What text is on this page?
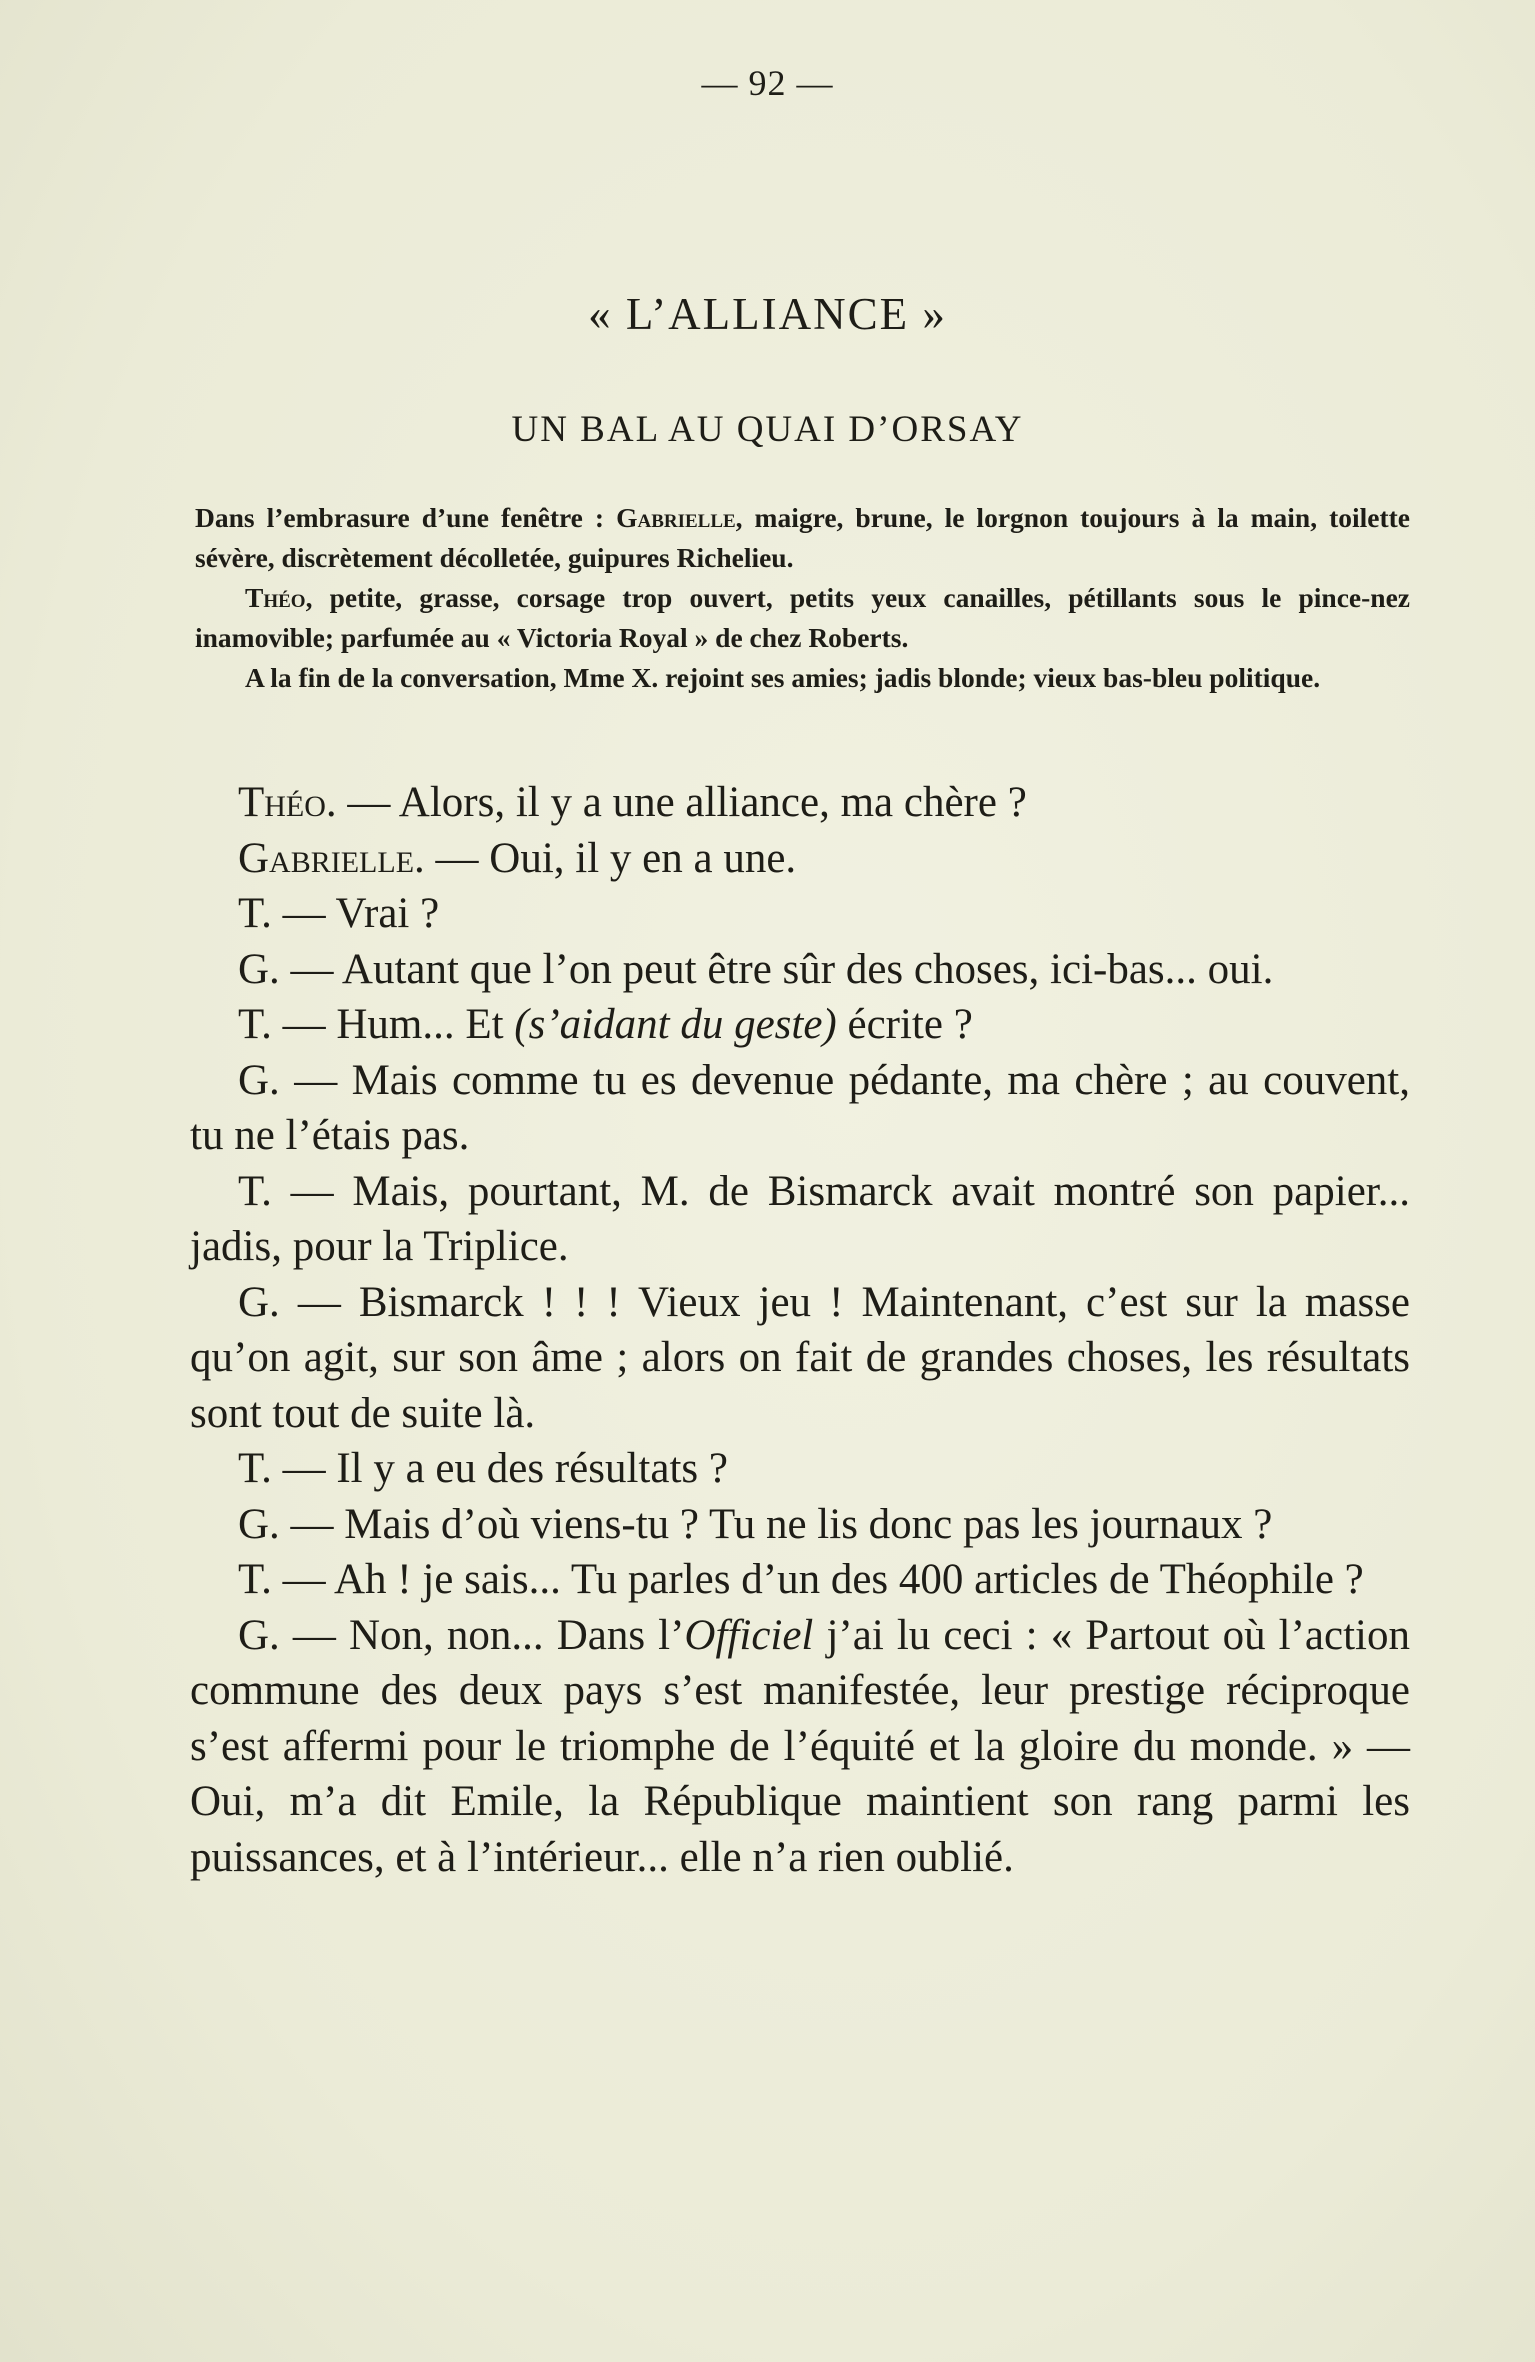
— 92 —
« L’ALLIANCE »
UN BAL AU QUAI D’ORSAY

Dans l’embrasure d’une fenêtre : Gabrielle, maigre, brune, le lorgnon toujours à la main, toilette sévère, discrètement décolletée, guipures Richelieu.

Théo, petite, grasse, corsage trop ouvert, petits yeux canailles, pétillants sous le pince-nez inamovible; parfumée au « Victoria Royal » de chez Roberts.

A la fin de la conversation, Mme X. rejoint ses amies; jadis blonde; vieux bas-bleu politique.

Théo. — Alors, il y a une alliance, ma chère ?

Gabrielle. — Oui, il y en a une.

T. — Vrai ?

G. — Autant que l’on peut être sûr des choses, ici-bas... oui.

T. — Hum... Et (s’aidant du geste) écrite ?

G. — Mais comme tu es devenue pédante, ma chère ; au couvent, tu ne l’étais pas.

T. — Mais, pourtant, M. de Bismarck avait montré son papier... jadis, pour la Triplice.

G. — Bismarck ! ! ! Vieux jeu ! Maintenant, c’est sur la masse qu’on agit, sur son âme ; alors on fait de grandes choses, les résultats sont tout de suite là.

T. — Il y a eu des résultats ?

G. — Mais d’où viens-tu ? Tu ne lis donc pas les journaux ?

T. — Ah ! je sais... Tu parles d’un des 400 articles de Théophile ?

G. — Non, non... Dans l’Officiel j’ai lu ceci : « Partout où l’action commune des deux pays s’est manifestée, leur prestige réciproque s’est affermi pour le triomphe de l’équité et la gloire du monde. » — Oui, m’a dit Emile, la République maintient son rang parmi les puissances, et à l’intérieur... elle n’a rien oublié.
